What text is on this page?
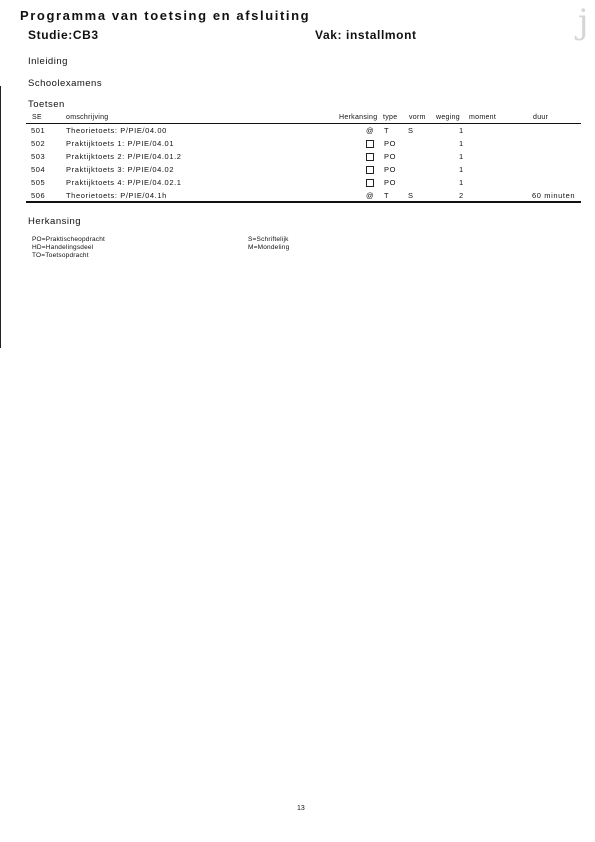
Programma van toetsing en afsluiting
Studie:CB3	Vak: installmont	j
Inleiding
Schoolexamens
Toetsen
SE	omschrijving	Herkansing type vorm weging moment	duur
501	Theorietoets: P/PIE/04.00	@ T	S	1
502	Praktijktoets 1: P/PIE/04.01	PO	1
503	Praktijktoets 2: P/PIE/04.01.2	PO	1
504	Praktijktoets 3: P/PIE/04.02	PO	1
505	Praktijktoets 4: P/PIE/04.02.1	PO	1
506	Theorietoets: P/PIE/04.1h	@ T	S	2	60 minuten
Herkansing
PO=Praktischeopdracht
HD=Handelingsdeel
TO=Toetsopdracht
S=Schriftelijk
M=Mondeling
13
